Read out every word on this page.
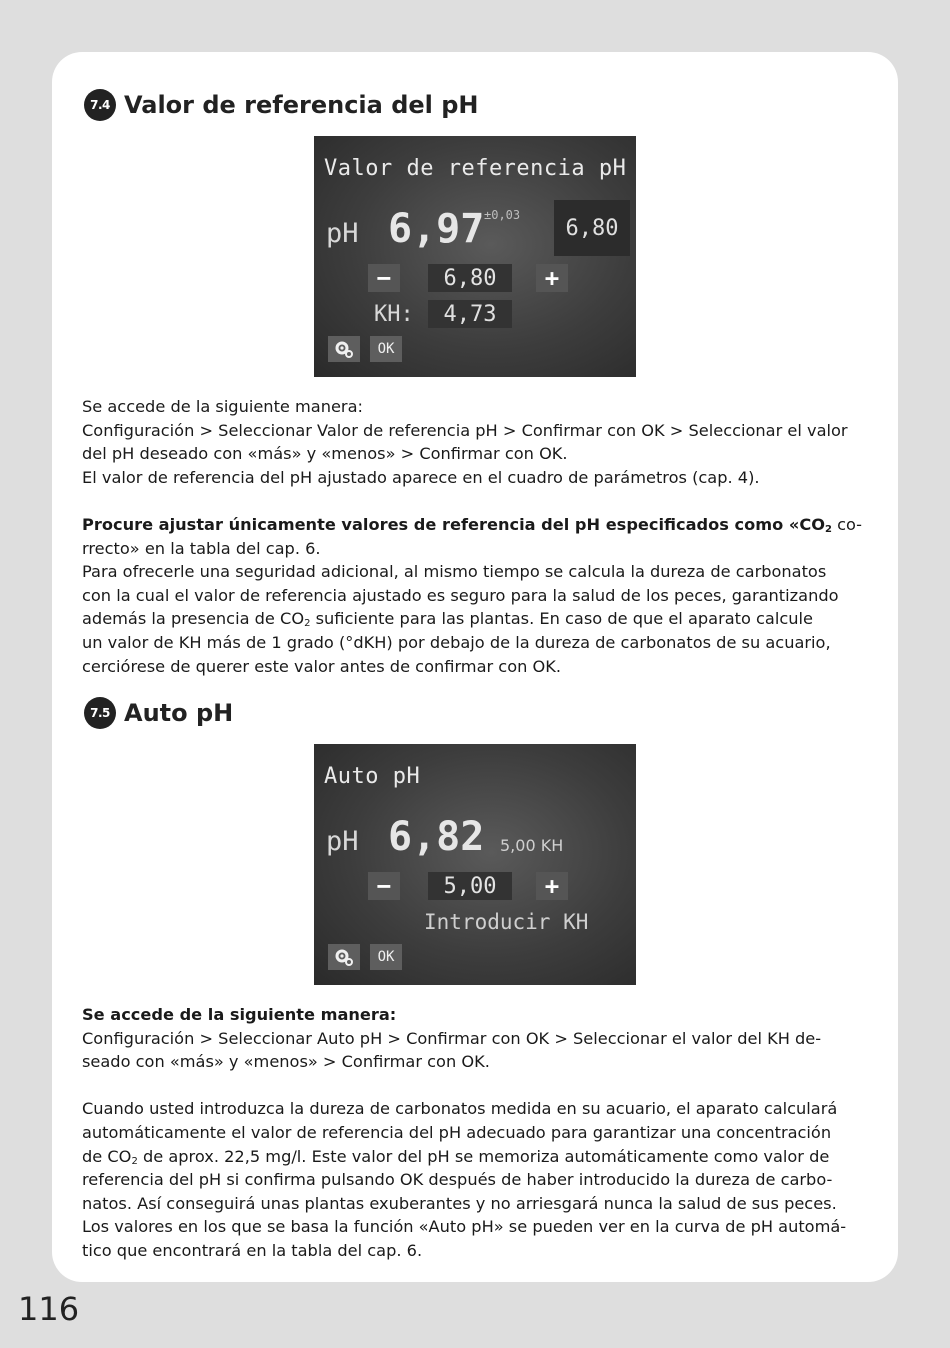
7.4 Valor de referencia del pH
Valor de referencia pH
pH 6,97 ±0,03
6,80
−	6,80	+
KH:	4,73
OK

Se accede de la siguiente manera:

Configuración > Seleccionar Valor de referencia pH > Confirmar con OK > Seleccionar el valor

del pH deseado con «más» y «menos» > Confirmar con OK.

El valor de referencia del pH ajustado aparece en el cuadro de parámetros (cap. 4).

Procure ajustar únicamente valores de referencia del pH especificados como «$CO_2$ co-

rrecto» en la tabla del cap. 6.

Para ofrecerle una seguridad adicional, al mismo tiempo se calcula la dureza de carbonatos

con la cual el valor de referencia ajustado es seguro para la salud de los peces, garantizando

además la presencia de $CO_2$ suficiente para las plantas. En caso de que el aparato calcule

un valor de KH más de 1 grado (°dKH) por debajo de la dureza de carbonatos de su acuario,

cerciórese de querer este valor antes de confirmar con OK.

7.5 Auto pH
Auto pH
pH 6,82 5,00 KH
−	5,00	+
Introducir KH
OK

Se accede de la siguiente manera:

Configuración > Seleccionar Auto pH > Confirmar con OK > Seleccionar el valor del KH de-

seado con «más» y «menos» > Confirmar con OK.

Cuando usted introduzca la dureza de carbonatos medida en su acuario, el aparato calculará

automáticamente el valor de referencia del pH adecuado para garantizar una concentración

de $CO_2$ de aprox. 22,5 mg/l. Este valor del pH se memoriza automáticamente como valor de

referencia del pH si confirma pulsando OK después de haber introducido la dureza de carbo-

natos. Así conseguirá unas plantas exuberantes y no arriesgará nunca la salud de sus peces.

Los valores en los que se basa la función «Auto pH» se pueden ver en la curva de pH automá-

tico que encontrará en la tabla del cap. 6.

116
